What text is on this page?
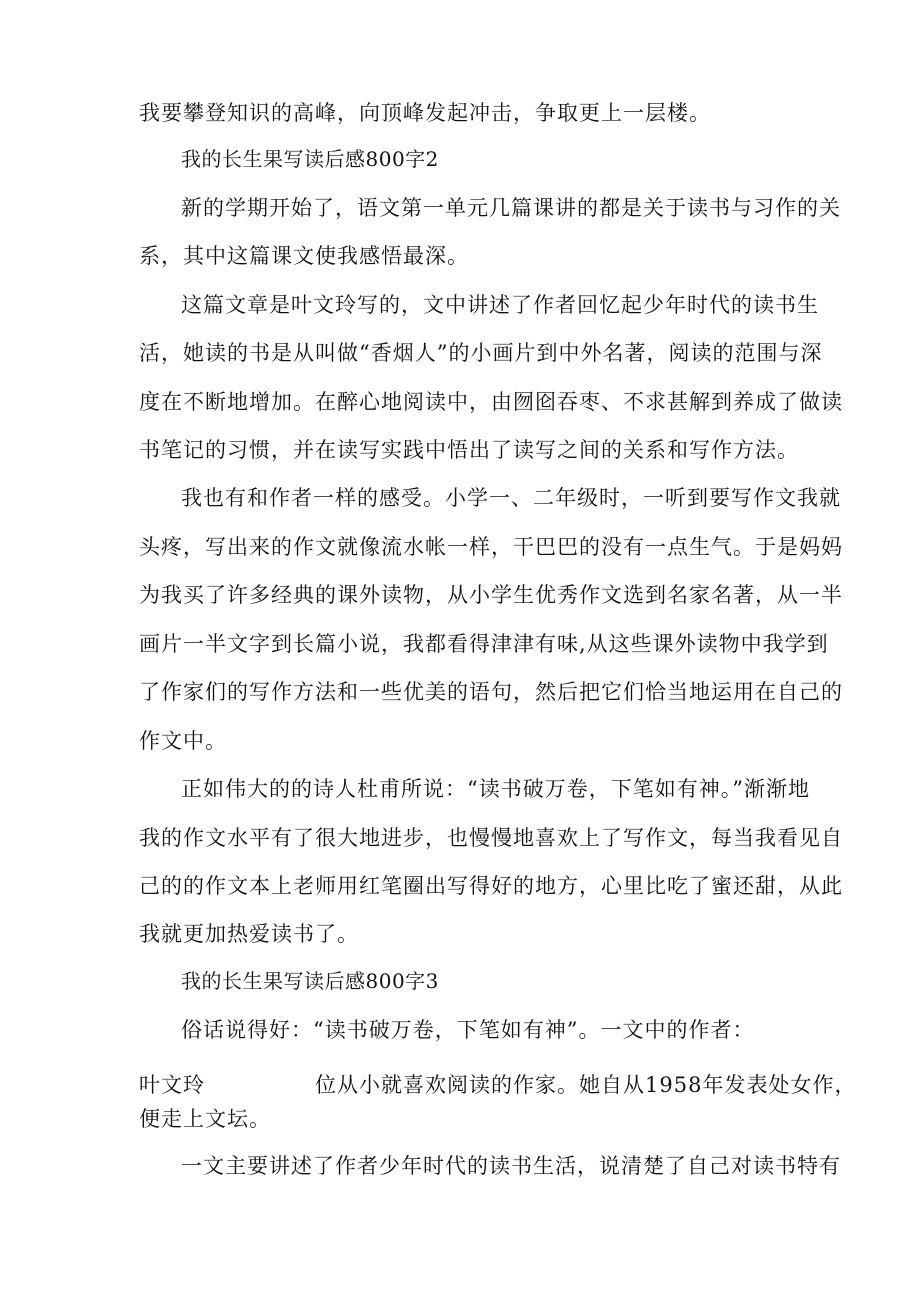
我要攀登知识的高峰，向顶峰发起冲击，争取更上一层楼。
我的长生果写读后感800字2
新的学期开始了，语文第一单元几篇课讲的都是关于读书与习作的关
系，其中这篇课文使我感悟最深。
这篇文章是叶文玲写的，文中讲述了作者回忆起少年时代的读书生
活，她读的书是从叫做“香烟人”的小画片到中外名著，阅读的范围与深
度在不断地增加。在醉心地阅读中，由囫囵吞枣、不求甚解到养成了做读
书笔记的习惯，并在读写实践中悟出了读写之间的关系和写作方法。
我也有和作者一样的感受。小学一、二年级时，一听到要写作文我就
头疼，写出来的作文就像流水帐一样，干巴巴的没有一点生气。于是妈妈
为我买了许多经典的课外读物，从小学生优秀作文选到名家名著，从一半
画片一半文字到长篇小说，我都看得津津有味,从这些课外读物中我学到
了作家们的写作方法和一些优美的语句，然后把它们恰当地运用在自己的
作文中。
正如伟大的的诗人杜甫所说：“读书破万卷，下笔如有神。”渐渐地
我的作文水平有了很大地进步，也慢慢地喜欢上了写作文，每当我看见自
己的的作文本上老师用红笔圈出写得好的地方，心里比吃了蜜还甜，从此
我就更加热爱读书了。
我的长生果写读后感800字3
俗话说得好：“读书破万卷，下笔如有神”。一文中的作者：
叶文玲	位从小就喜欢阅读的作家。她自从1958年发表处女作，
便走上文坛。
一文主要讲述了作者少年时代的读书生活，说清楚了自己对读书特有
